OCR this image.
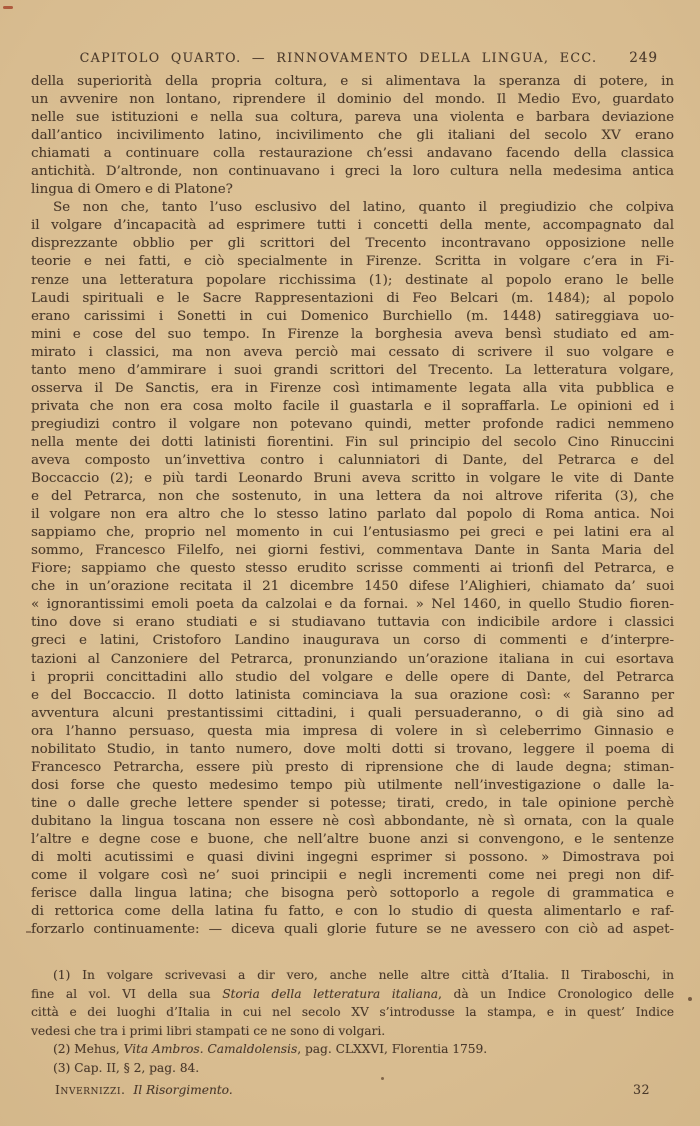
CAPITOLO QUARTO. — RINNOVAMENTO DELLA LINGUA, ECC.	249
della superiorità della propria coltura, e si alimentava la speranza di potere, in
un avvenire non lontano, riprendere il dominio del mondo. Il Medio Evo, guardato
nelle sue istituzioni e nella sua coltura, pareva una violenta e barbara deviazione
dall’antico incivilimento latino, incivilimento che gli italiani del secolo XV erano
chiamati a continuare colla restaurazione ch’essi andavano facendo della classica
antichità. D’altronde, non continuavano i greci la loro cultura nella medesima antica
lingua di Omero e di Platone?
Se non che, tanto l’uso esclusivo del latino, quanto il pregiudizio che colpiva
il volgare d’incapacità ad esprimere tutti i concetti della mente, accompagnato dal
disprezzante obblio per gli scrittori del Trecento incontravano opposizione nelle
teorie e nei fatti, e ciò specialmente in Firenze. Scritta in volgare c’era in Fi-
renze una letteratura popolare ricchissima (1); destinate al popolo erano le belle
Laudi spirituali e le Sacre Rappresentazioni di Feo Belcari (m. 1484); al popolo
erano carissimi i Sonetti in cui Domenico Burchiello (m. 1448) satireggiava uo-
mini e cose del suo tempo. In Firenze la borghesia aveva bensì studiato ed am-
mirato i classici, ma non aveva perciò mai cessato di scrivere il suo volgare e
tanto meno d’ammirare i suoi grandi scrittori del Trecento. La letteratura volgare,
osserva il De Sanctis, era in Firenze così intimamente legata alla vita pubblica e
privata che non era cosa molto facile il guastarla e il sopraffarla. Le opinioni ed i
pregiudizi contro il volgare non potevano quindi, metter profonde radici nemmeno
nella mente dei dotti latinisti fiorentini. Fin sul principio del secolo Cino Rinuccini
aveva composto un’invettiva contro i calunniatori di Dante, del Petrarca e del
Boccaccio (2); e più tardi Leonardo Bruni aveva scritto in volgare le vite di Dante
e del Petrarca, non che sostenuto, in una lettera da noi altrove riferita (3), che
il volgare non era altro che lo stesso latino parlato dal popolo di Roma antica. Noi
sappiamo che, proprio nel momento in cui l’entusiasmo pei greci e pei latini era al
sommo, Francesco Filelfo, nei giorni festivi, commentava Dante in Santa Maria del
Fiore; sappiamo che questo stesso erudito scrisse commenti ai trionfi del Petrarca, e
che in un’orazione recitata il 21 dicembre 1450 difese l’Alighieri, chiamato da’ suoi
« ignorantissimi emoli poeta da calzolai e da fornai. » Nel 1460, in quello Studio fioren-
tino dove si erano studiati e si studiavano tuttavia con indicibile ardore i classici
greci e latini, Cristoforo Landino inaugurava un corso di commenti e d’interpre-
tazioni al Canzoniere del Petrarca, pronunziando un’orazione italiana in cui esortava
i proprii concittadini allo studio del volgare e delle opere di Dante, del Petrarca
e del Boccaccio. Il dotto latinista cominciava la sua orazione così: « Saranno per
avventura alcuni prestantissimi cittadini, i quali persuaderanno, o di già sino ad
ora l’hanno persuaso, questa mia impresa di volere in sì celeberrimo Ginnasio e
nobilitato Studio, in tanto numero, dove molti dotti si trovano, leggere il poema di
Francesco Petrarcha, essere più presto di riprensione che di laude degna; stiman-
dosi forse che questo medesimo tempo più utilmente nell’investigazione o dalle la-
tine o dalle greche lettere spender si potesse; tirati, credo, in tale opinione perchè
dubitano la lingua toscana non essere nè così abbondante, nè sì ornata, con la quale
l’altre e degne cose e buone, che nell’altre buone anzi si convengono, e le sentenze
di molti acutissimi e quasi divini ingegni esprimer si possono. » Dimostrava poi
come il volgare così ne’ suoi principii e negli incrementi come nei pregi non dif-
ferisce dalla lingua latina; che bisogna però sottoporlo a regole di grammatica e
di rettorica come della latina fu fatto, e con lo studio di questa alimentarlo e raf-
forzarlo continuamente: — diceva quali glorie future se ne avessero con ciò ad aspet-
(1) In volgare scrivevasi a dir vero, anche nelle altre città d’Italia. Il Tiraboschi, in
fine al vol. VI della sua Storia della letteratura italiana, dà un Indice Cronologico delle
città e dei luoghi d’Italia in cui nel secolo XV s’introdusse la stampa, e in quest’ Indice
vedesi che tra i primi libri stampati ce ne sono di volgari.
(2) Mehus, Vita Ambros. Camaldolensis, pag. CLXXVI, Florentia 1759.
(3) Cap. II, § 2, pag. 84.
Invernizzi. Il Risorgimento.	32
